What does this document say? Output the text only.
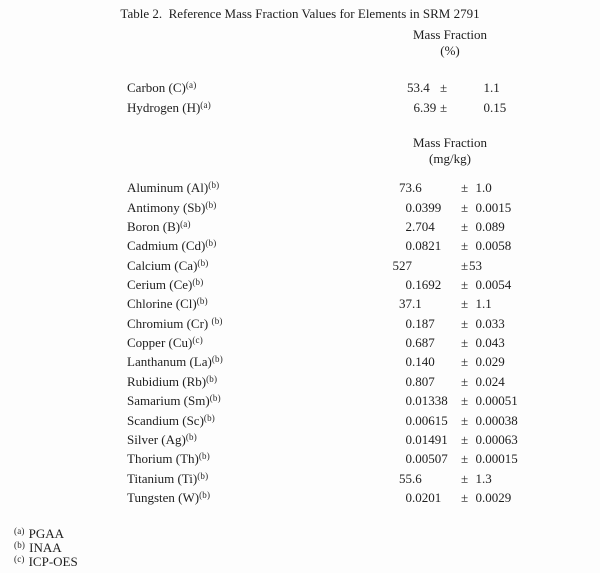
Table 2.  Reference Mass Fraction Values for Elements in SRM 2791
Mass Fraction
(%)
Mass Fraction
(mg/kg)
Carbon $(C)^{(a)}$	53 .4 ±	1 .1
Hydrogen $(H)^{(a)}$	6 .39 ±	0 .15
Aluminum $(Al)^{(b)}$	73 .6	± 1 .0
Antimony $(Sb)^{(b)}$	0 .0399 ± 0 .0015
Boron $(B)^{(a)}$	2 .704 ± 0 .089
Cadmium $(Cd)^{(b)}$	0 .0821 ± 0 .0058
Calcium $(Ca)^{(b)}$	527	± 53
Cerium $(Ce)^{(b)}$	0 .1692 ± 0 .0054
Chlorine $(Cl)^{(b)}$	37 .1	± 1 .1
Chromium (Cr) $^{(b)}$	0 .187 ± 0 .033
Copper $(Cu)^{(c)}$	0 .687 ± 0 .043
Lanthanum $(La)^{(b)}$	0 .140 ± 0 .029
Rubidium $(Rb)^{(b)}$	0 .807 ± 0 .024
Samarium $(Sm)^{(b)}$	0 .01338 ± 0 .00051
Scandium $(Sc)^{(b)}$	0 .00615 ± 0 .00038
Silver $(Ag)^{(b)}$	0 .01491 ± 0 .00063
Thorium $(Th)^{(b)}$	0 .00507 ± 0 .00015
Titanium $(Ti)^{(b)}$	55 .6	± 1 .3
Tungsten $(W)^{(b)}$	0 .0201 ± 0 .0029
$^{(a)}$ PGAA
$^{(b)}$ INAA
$^{(c)}$ ICP-OES
